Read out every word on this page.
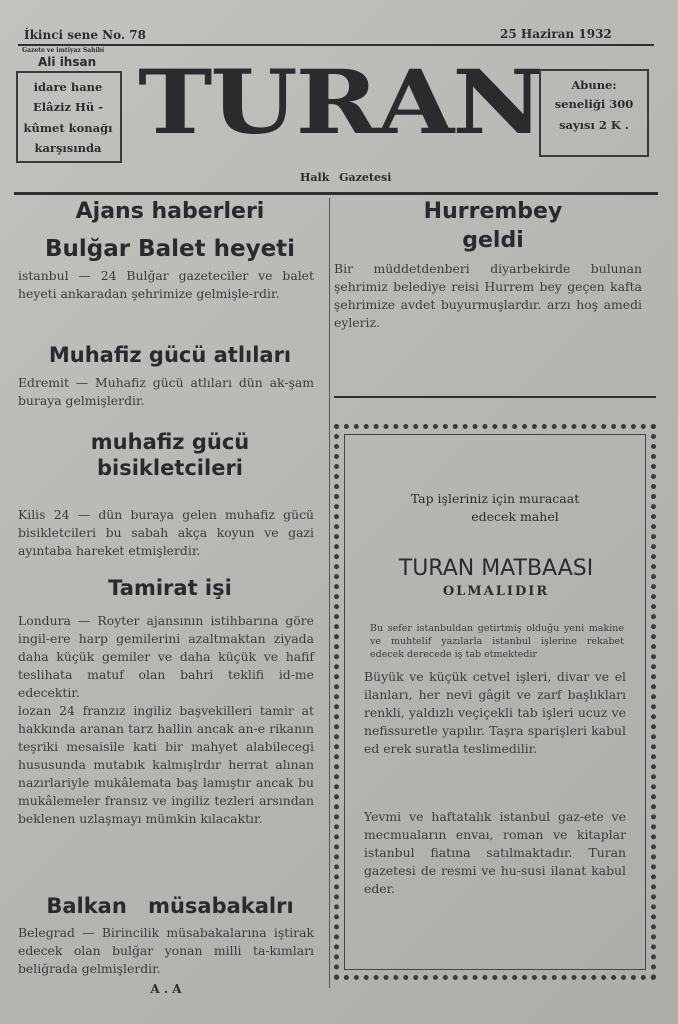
İkinci sene No. 78	25 Haziran 1932
Gazete ve imtiyaz Sahibi
Ali ihsan
idare hane
Elâziz Hü -
kûmet konağı
karşısında TURAN	Abune:
seneliği 300
sayısı 2 K .
Halk Gazetesi
Ajans haberleri
Bulğar Balet heyeti

istanbul — 24 Bulğar gazeteciler ve balet heyeti ankaradan şehrimize gelmişle-rdir.

Muhafiz gücü atlıları

Edremit — Muhafiz gücü atlıları dün ak-şam buraya gelmişlerdir.

muhafiz gücü
bisikletcileri

Kilis 24 — dün buraya gelen muhafiz gücü bisikletcileri bu sabah akça koyun ve gazi ayıntaba hareket etmişlerdir.

Tamirat işi

Londura — Royter ajansının istihbarına göre ingil-ere harp gemilerini azaltmaktan ziyada daha küçük gemiler ve daha küçük ve hafif teslihata matuf olan bahri teklifi id-me edecektir.

lozan 24 franzız ingiliz başvekilleri tamir at hakkında aranan tarz hallin ancak an-e rikanın teşriki mesaisile kati bir mahyet alabilecegi hususunda mutabık kalmışlrdır herrat alınan nazırlariyle mukâlemata baş lamıştır ancak bu mukâlemeler fransız ve ingiliz tezleri arsından beklenen uzlaşmayı mümkin kılacaktır.

Balkan müsabakalrı

Belegrad — Birincilik müsabakalarına iştirak edecek olan bulğar yonan milli ta-kımları beliğrada gelmişlerdir.

A . A
Hurrembey
geldi

Bir müddetdenberi diyarbekirde bulunan şehrimiz belediye reisi Hurrem bey geçen kafta şehrimize avdet buyurmuşlardır. arzı hoş amedi eyleriz.

Tap işleriniz için muracaat
edecek mahel
TURAN MATBAASI
OLMALIDIR

Bu sefer istanbuldan getirtmiş olduğu yeni makine ve muhtelif yazılarla istanbul işlerine rekabet edecek derecede iş tab etmektedir

Büyük ve küçük cetvel işleri, divar ve el ilanları, her nevi gâgit ve zarf başlıkları renkli, yaldızlı veçiçekli tab işleri ucuz ve nefissuretle yapılır. Taşra sparişleri kabul ed erek suratla teslimedilir.

Yevmi ve haftatalık istanbul gaz-ete ve mecmuaların envaı, roman ve kitaplar istanbul fiatına satılmaktadır. Turan gazetesi de resmi ve hu-susi ilanat kabul eder.
